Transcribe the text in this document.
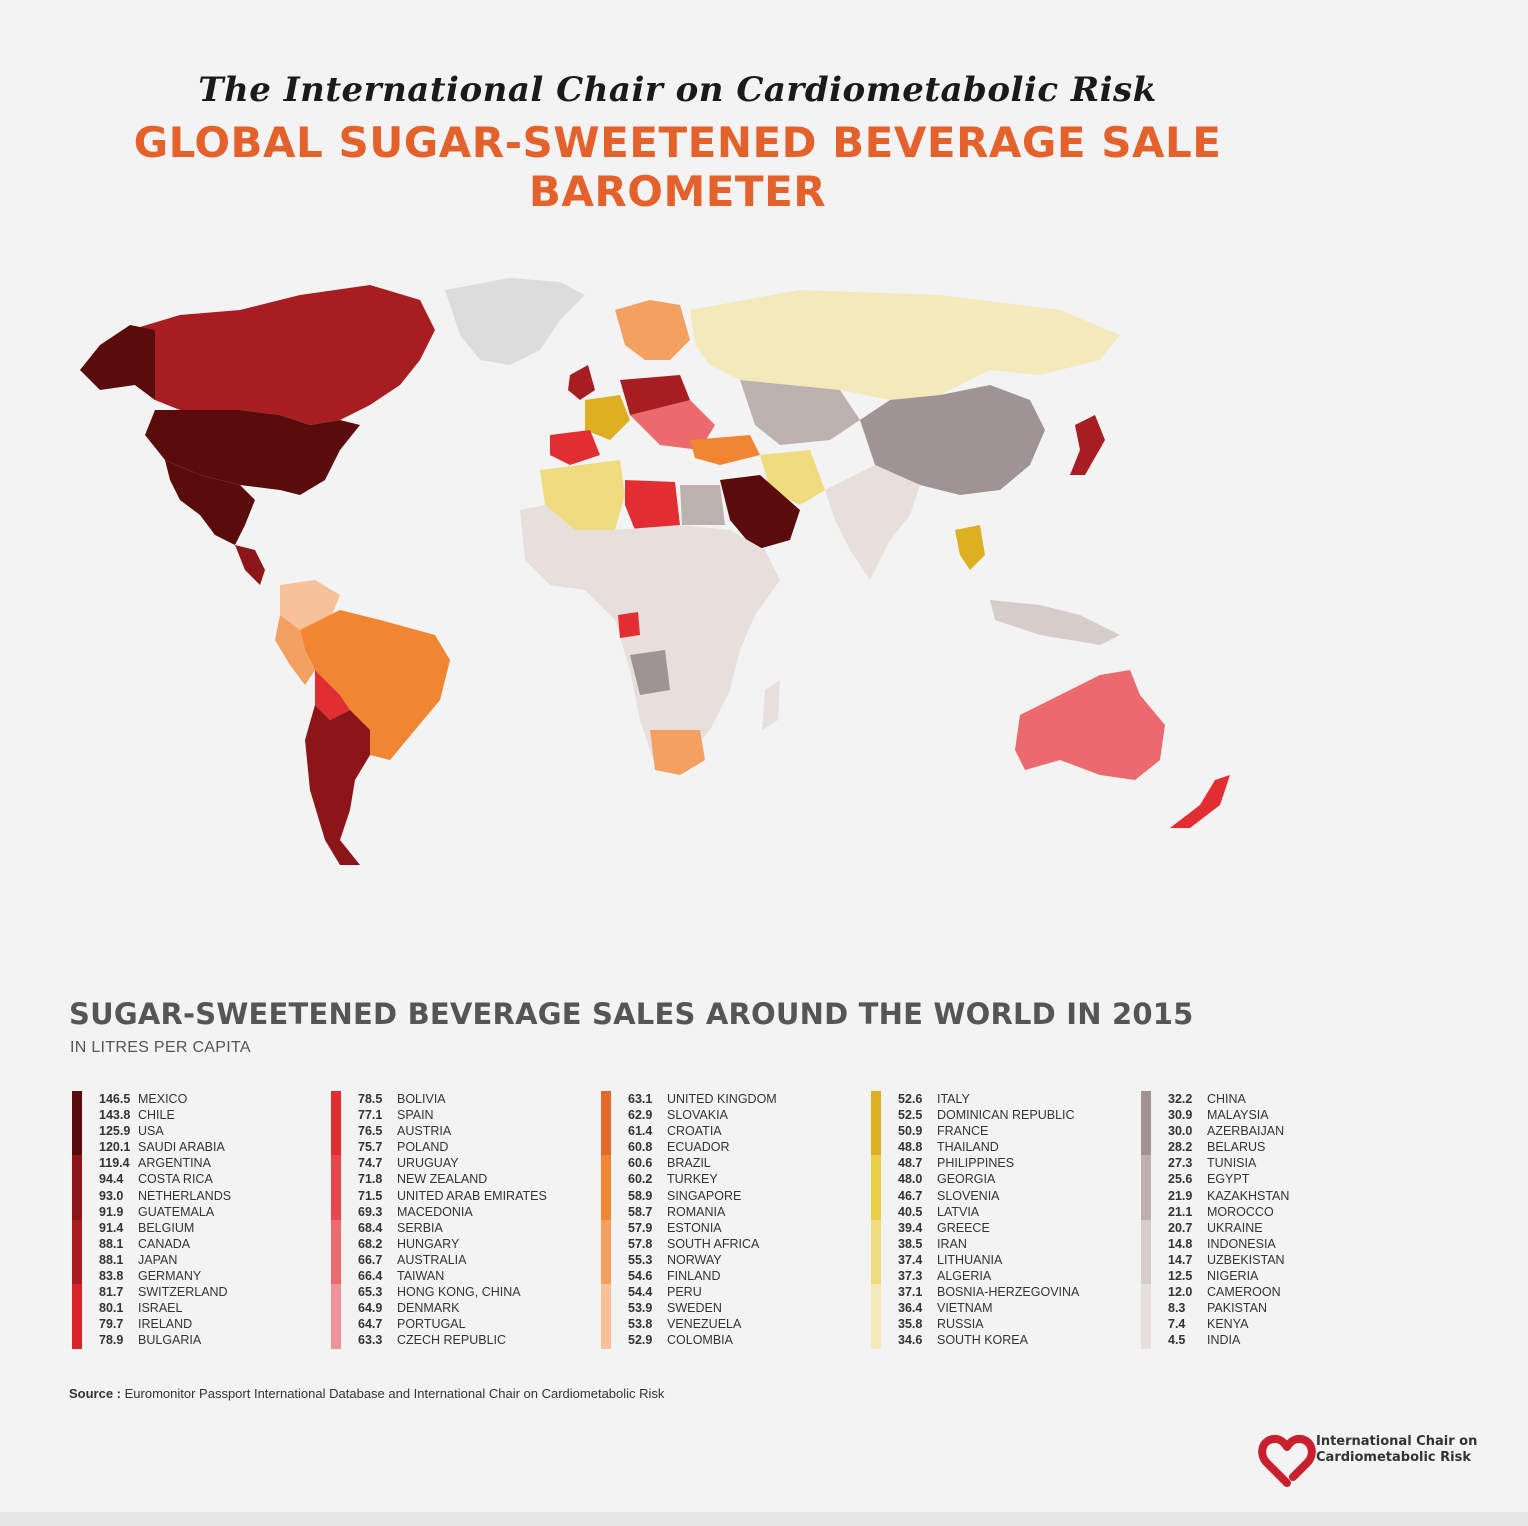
The International Chair on Cardiometabolic Risk
GLOBAL SUGAR-SWEETENED BEVERAGE SALE BAROMETER
SUGAR-SWEETENED BEVERAGE SALES AROUND THE WORLD IN 2015
IN LITRES PER CAPITA
146.5 MEXICO
143.8 CHILE
125.9 USA
120.1 SAUDI ARABIA
119.4 ARGENTINA
94.4	COSTA RICA
93.0	NETHERLANDS
91.9	GUATEMALA
91.4	BELGIUM
88.1	CANADA
88.1	JAPAN
83.8	GERMANY
81.7	SWITZERLAND
80.1	ISRAEL
79.7	IRELAND
78.9	BULGARIA
78.5	BOLIVIA
77.1	SPAIN
76.5	AUSTRIA
75.7	POLAND
74.7	URUGUAY
71.8	NEW ZEALAND
71.5	UNITED ARAB EMIRATES
69.3	MACEDONIA
68.4	SERBIA
68.2	HUNGARY
66.7	AUSTRALIA
66.4	TAIWAN
65.3	HONG KONG, CHINA
64.9	DENMARK
64.7	PORTUGAL
63.3	CZECH REPUBLIC
63.1	UNITED KINGDOM
62.9	SLOVAKIA
61.4	CROATIA
60.8	ECUADOR
60.6	BRAZIL
60.2	TURKEY
58.9	SINGAPORE
58.7	ROMANIA
57.9	ESTONIA
57.8	SOUTH AFRICA
55.3	NORWAY
54.6	FINLAND
54.4	PERU
53.9	SWEDEN
53.8	VENEZUELA
52.9	COLOMBIA
52.6	ITALY
52.5	DOMINICAN REPUBLIC
50.9	FRANCE
48.8	THAILAND
48.7	PHILIPPINES
48.0	GEORGIA
46.7	SLOVENIA
40.5	LATVIA
39.4	GREECE
38.5	IRAN
37.4	LITHUANIA
37.3	ALGERIA
37.1	BOSNIA-HERZEGOVINA
36.4	VIETNAM
35.8	RUSSIA
34.6	SOUTH KOREA
32.2	CHINA
30.9	MALAYSIA
30.0	AZERBAIJAN
28.2	BELARUS
27.3	TUNISIA
25.6	EGYPT
21.9	KAZAKHSTAN
21.1	MOROCCO
20.7	UKRAINE
14.8	INDONESIA
14.7	UZBEKISTAN
12.5	NIGERIA
12.0	CAMEROON
8.3	PAKISTAN
7.4	KENYA
4.5	INDIA
Source : Euromonitor Passport International Database and International Chair on Cardiometabolic Risk
International Chair on
Cardiometabolic Risk
